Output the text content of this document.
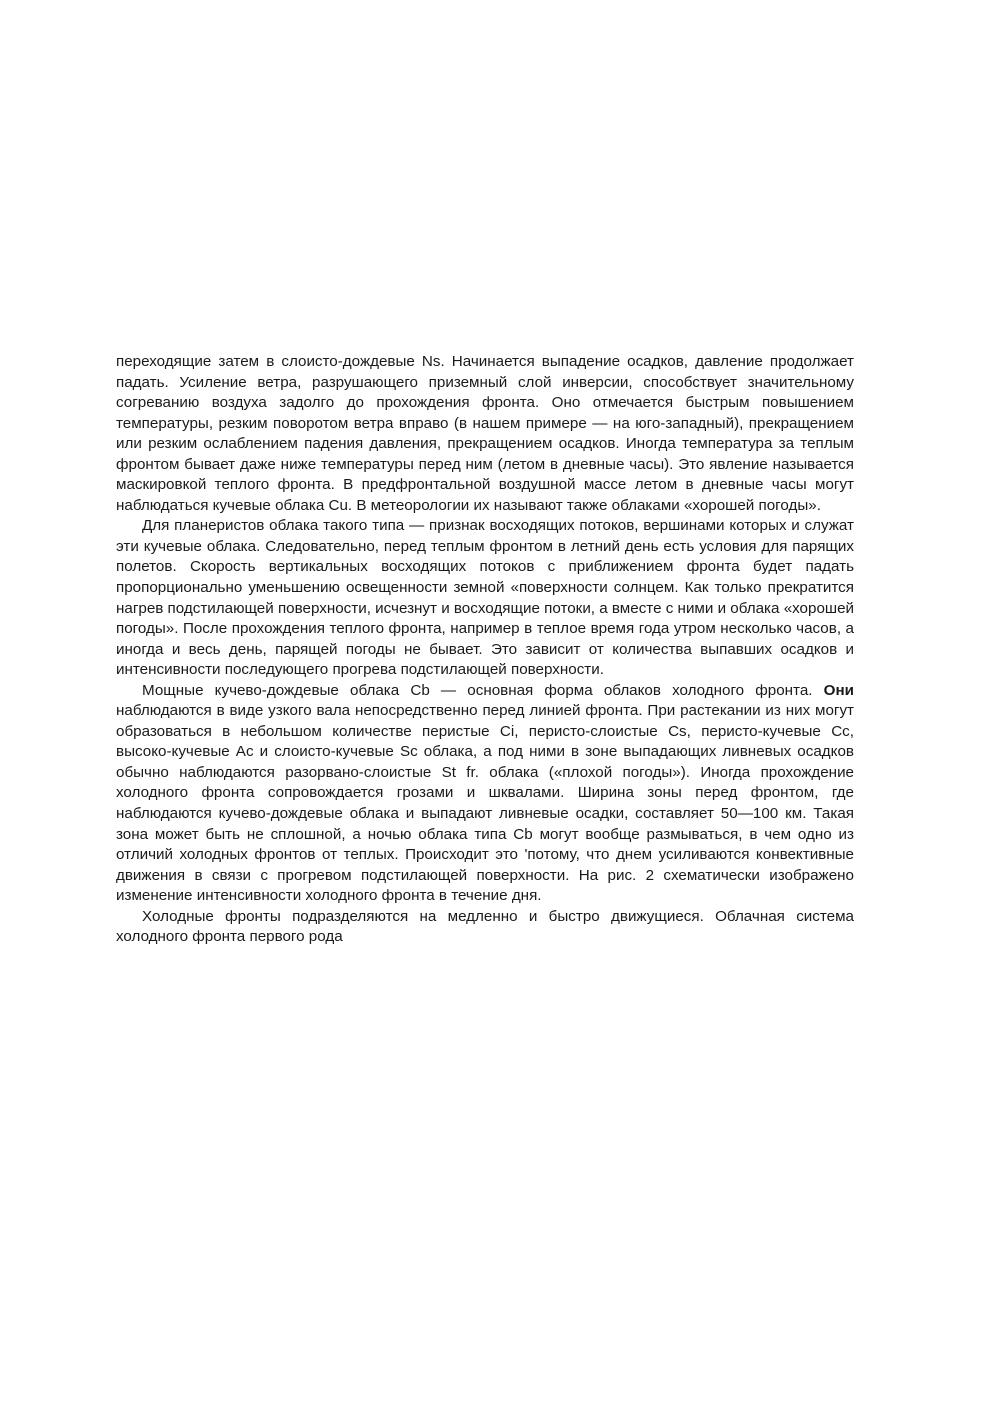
переходящие затем в слоисто-дождевые Ns. Начинается выпадение осадков, давление продолжает падать. Усиление ветра, разрушающего приземный слой инверсии, способствует значительному согреванию воздуха задолго до прохождения фронта. Оно отмечается быстрым повышением температуры, резким поворотом ветра вправо (в нашем примере — на юго-западный), прекращением или резким ослаблением падения давления, прекращением осадков. Иногда температура за теплым фронтом бывает даже ниже температуры перед ним (летом в дневные часы). Это явление называется маскировкой теплого фронта. В предфронтальной воздушной массе летом в дневные часы могут наблюдаться кучевые облака Cu. В метеорологии их называют также облаками «хорошей погоды».

Для планеристов облака такого типа — признак восходящих потоков, вершинами которых и служат эти кучевые облака. Следовательно, перед теплым фронтом в летний день есть условия для парящих полетов. Скорость вертикальных восходящих потоков с приближением фронта будет падать пропорционально уменьшению освещенности земной «поверхности солнцем. Как только прекратится нагрев подстилающей поверхности, исчезнут и восходящие потоки, а вместе с ними и облака «хорошей погоды». После прохождения теплого фронта, например в теплое время года утром несколько часов, а иногда и весь день, парящей погоды не бывает. Это зависит от количества выпавших осадков и интенсивности последующего прогрева подстилающей поверхности.

Мощные кучево-дождевые облака Cb — основная форма облаков холодного фронта. Они наблюдаются в виде узкого вала непосредственно перед линией фронта. При растекании из них могут образоваться в небольшом количестве перистые Ci, перисто-слоистые Cs, перисто-кучевые Cc, высоко-кучевые Ac и слоисто-кучевые Sc облака, а под ними в зоне выпадающих ливневых осадков обычно наблюдаются разорвано-слоистые St fr. облака («плохой погоды»). Иногда прохождение холодного фронта сопровождается грозами и шквалами. Ширина зоны перед фронтом, где наблюдаются кучево-дождевые облака и выпадают ливневые осадки, составляет 50—100 км. Такая зона может быть не сплошной, а ночью облака типа Cb могут вообще размываться, в чем одно из отличий холодных фронтов от теплых. Происходит это 'потому, что днем усиливаются конвективные движения в связи с прогревом подстилающей поверхности. На рис. 2 схематически изображено изменение интенсивности холодного фронта в течение дня.

Холодные фронты подразделяются на медленно и быстро движущиеся. Облачная система холодного фронта первого рода
